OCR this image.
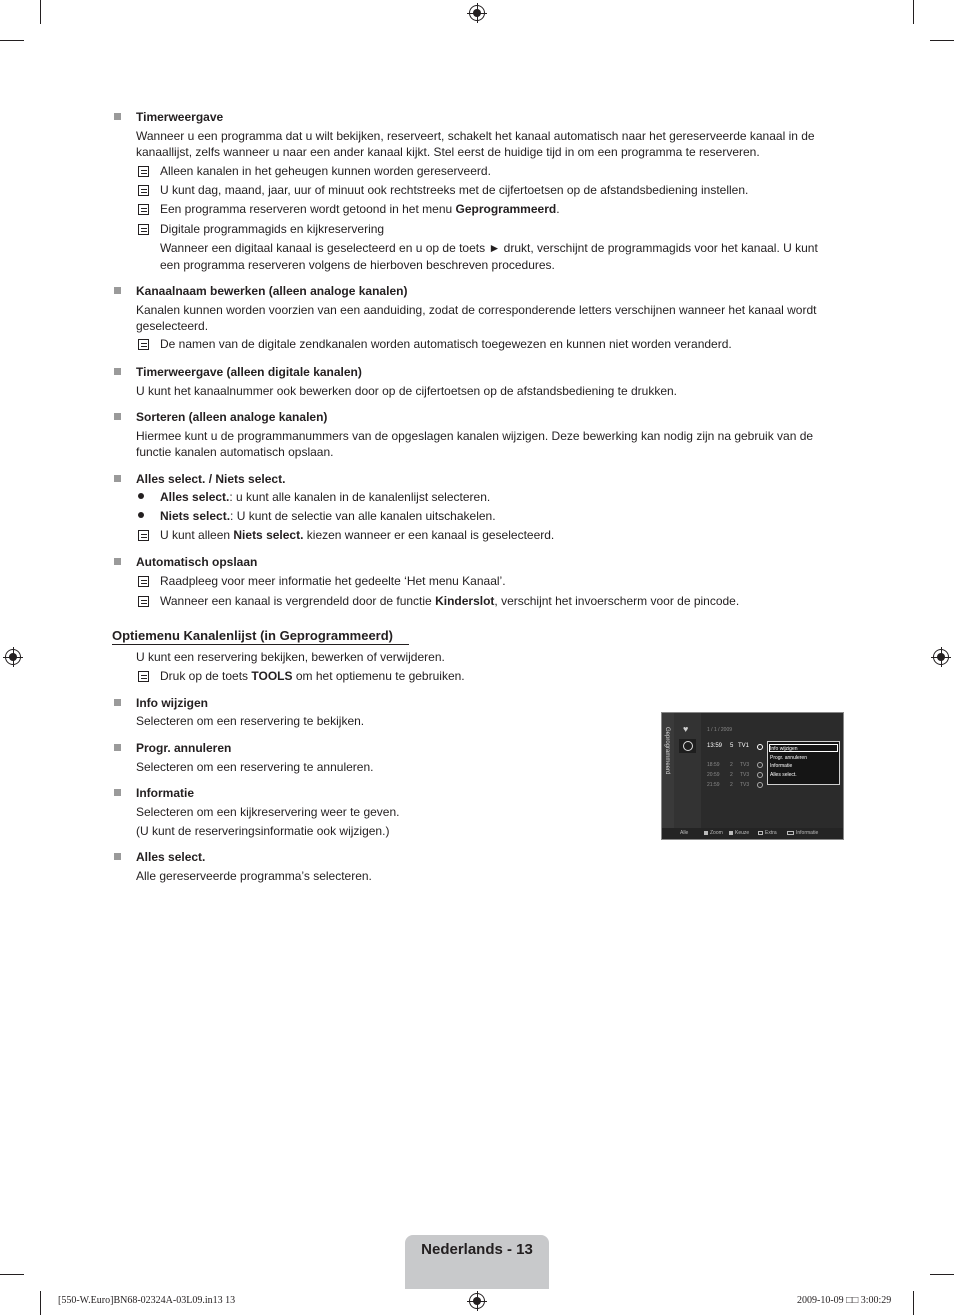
Timerweergave
Wanneer u een programma dat u wilt bekijken, reserveert, schakelt het kanaal automatisch naar het gereserveerde kanaal in de
kanaallijst, zelfs wanneer u naar een ander kanaal kijkt. Stel eerst de huidige tijd in om een programma te reserveren.
Alleen kanalen in het geheugen kunnen worden gereserveerd.
U kunt dag, maand, jaar, uur of minuut ook rechtstreeks met de cijfertoetsen op de afstandsbediening instellen.
Een programma reserveren wordt getoond in het menu Geprogrammeerd.
Digitale programmagids en kijkreservering
Wanneer een digitaal kanaal is geselecteerd en u op de toets ► drukt, verschijnt de programmagids voor het kanaal. U kunt
een programma reserveren volgens de hierboven beschreven procedures.
Kanaalnaam bewerken (alleen analoge kanalen)
Kanalen kunnen worden voorzien van een aanduiding, zodat de corresponderende letters verschijnen wanneer het kanaal wordt
geselecteerd.
De namen van de digitale zendkanalen worden automatisch toegewezen en kunnen niet worden veranderd.
Timerweergave (alleen digitale kanalen)
U kunt het kanaalnummer ook bewerken door op de cijfertoetsen op de afstandsbediening te drukken.
Sorteren (alleen analoge kanalen)
Hiermee kunt u de programmanummers van de opgeslagen kanalen wijzigen. Deze bewerking kan nodig zijn na gebruik van de
functie kanalen automatisch opslaan.
Alles select. / Niets select.
Alles select.: u kunt alle kanalen in de kanalenlijst selecteren.
Niets select.: U kunt de selectie van alle kanalen uitschakelen.
U kunt alleen Niets select. kiezen wanneer er een kanaal is geselecteerd.
Automatisch opslaan
Raadpleeg voor meer informatie het gedeelte ‘Het menu Kanaal’.
Wanneer een kanaal is vergrendeld door de functie Kinderslot, verschijnt het invoerscherm voor de pincode.
Optiemenu Kanalenlijst (in Geprogrammeerd)
U kunt een reservering bekijken, bewerken of verwijderen.
Druk op de toets TOOLS om het optiemenu te gebruiken.
Info wijzigen
Selecteren om een reservering te bekijken.
Progr. annuleren
Selecteren om een reservering te annuleren.
Informatie
Selecteren om een kijkreservering weer te geven.
(U kunt de reserveringsinformatie ook wijzigen.)
Alles select.
Alle gereserveerde programma’s selecteren.
Geprogrammeerd ♥	1 / 1 / 2009
13:59 5 TV1
18:59 2 TV3
20:59 2 TV3
21:59 2 TV3
Info wijzigen
Progr. annuleren
Informatie
Alles select.
Alle	Zoom Keuze	Extra	Informatie
Nederlands - 13
[550-W.Euro]BN68-02324A-03L09.in13 13	2009-10-09 □□ 3:00:29
